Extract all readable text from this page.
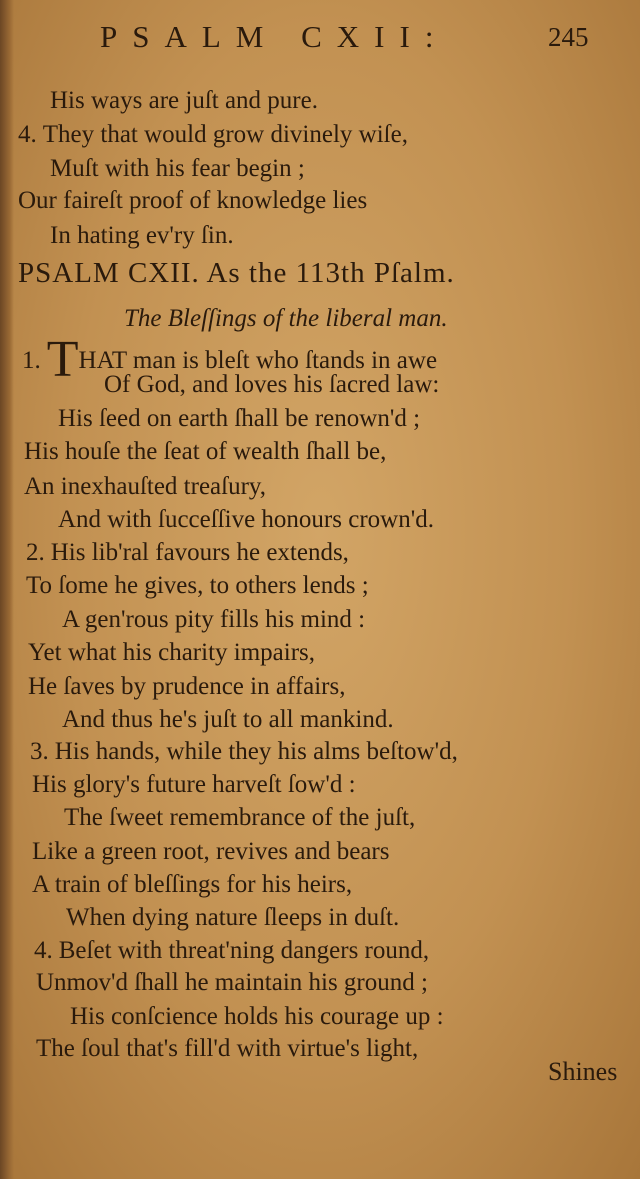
PSALM CXII:	245
His ways are juſt and pure.
4. They that would grow divinely wiſe,
Muſt with his fear begin ;
Our faireſt proof of knowledge lies
In hating ev'ry ſin.
PSALM CXII. As the 113th Pſalm.
The Bleſſings of the liberal man.
1. THAT man is bleſt who ſtands in awe
Of God, and loves his ſacred law:
His ſeed on earth ſhall be renown'd ;
His houſe the ſeat of wealth ſhall be,
An inexhauſted treaſury,
And with ſucceſſive honours crown'd.
2. His lib'ral favours he extends,
To ſome he gives, to others lends ;
A gen'rous pity fills his mind :
Yet what his charity impairs,
He ſaves by prudence in affairs,
And thus he's juſt to all mankind.
3. His hands, while they his alms beſtow'd,
His glory's future harveſt ſow'd :
The ſweet remembrance of the juſt,
Like a green root, revives and bears
A train of bleſſings for his heirs,
When dying nature ſleeps in duſt.
4. Beſet with threat'ning dangers round,
Unmov'd ſhall he maintain his ground ;
His conſcience holds his courage up :
The ſoul that's fill'd with virtue's light,
Shines
